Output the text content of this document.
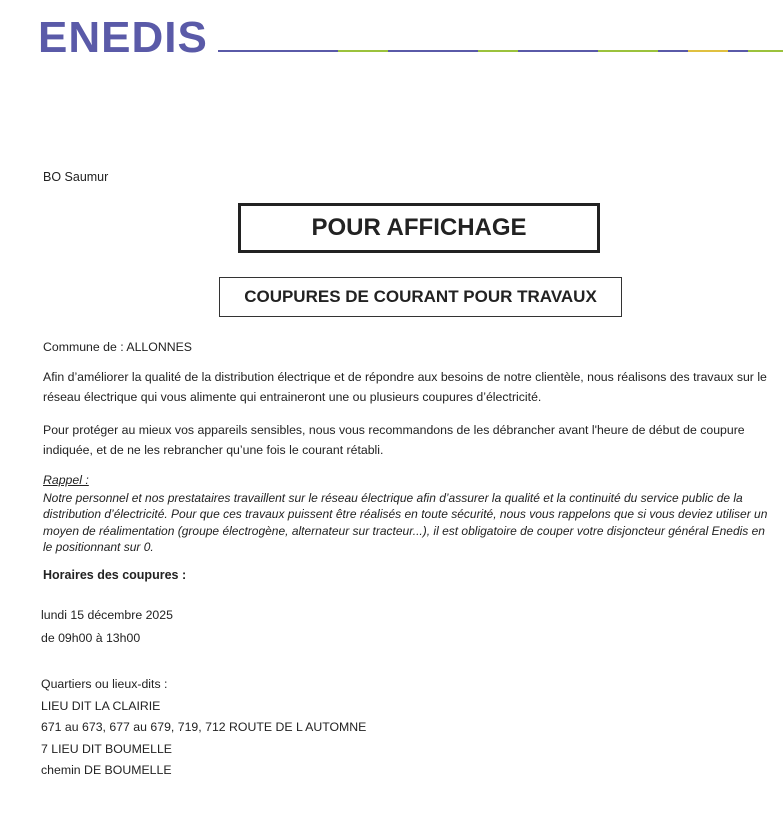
ENEDIS
BO Saumur
POUR AFFICHAGE
COUPURES DE COURANT POUR TRAVAUX
Commune de : ALLONNES
Afin d’améliorer la qualité de la distribution électrique et de répondre aux besoins de notre clientèle, nous réalisons des travaux sur le réseau électrique qui vous alimente qui entraineront une ou plusieurs coupures d’électricité.
Pour protéger au mieux vos appareils sensibles, nous vous recommandons de les débrancher avant l'heure de début de coupure indiquée, et de ne les rebrancher qu’une fois le courant rétabli.
Rappel :
Notre personnel et nos prestataires travaillent sur le réseau électrique afin d’assurer la qualité et la continuité du service public de la distribution d’électricité. Pour que ces travaux puissent être réalisés en toute sécurité, nous vous rappelons que si vous deviez utiliser un moyen de réalimentation (groupe électrogène, alternateur sur tracteur...), il est obligatoire de couper votre disjoncteur général Enedis en le positionnant sur 0.
Horaires des coupures :
lundi 15 décembre 2025
de 09h00 à 13h00
Quartiers ou lieux-dits :
LIEU DIT LA CLAIRIE
671 au 673, 677 au 679, 719, 712 ROUTE DE L AUTOMNE
7 LIEU DIT BOUMELLE
chemin DE BOUMELLE
